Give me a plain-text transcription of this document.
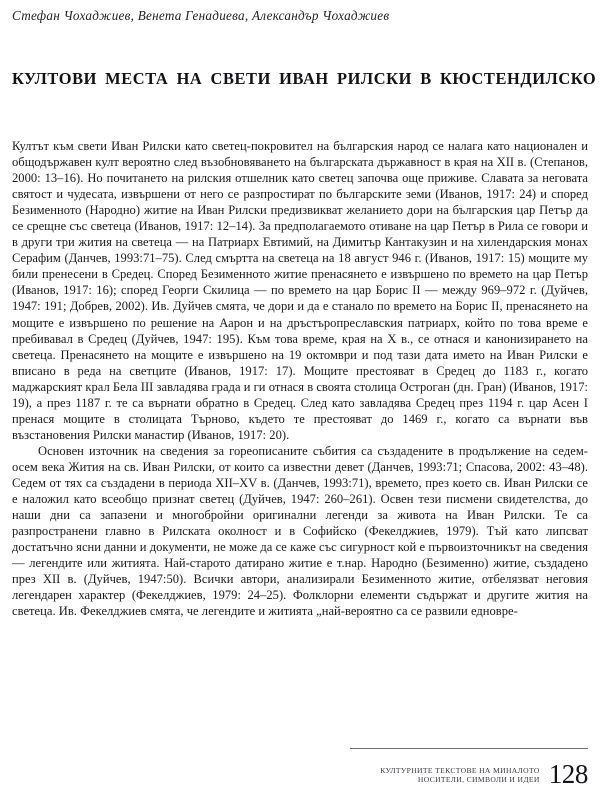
Стефан Чохаджиев, Венета Генадиева, Александър Чохаджиев
КУЛТОВИ МЕСТА НА СВЕТИ ИВАН РИЛСКИ В КЮСТЕНДИЛСКО

Култът към свети Иван Рилски като светец-покровител на българския народ се налага като национален и общодържавен култ вероятно след възобновяването на българската държавност в края на XII в. (Степанов, 2000: 13–16). Но почитането на рилския отшелник като светец започва още приживе. Славата за неговата святост и чудесата, извършени от него се разпростират по българските земи (Иванов, 1917: 24) и според Безименното (Народно) житие на Иван Рилски предизвикват желанието дори на българския цар Петър да се срещне със светеца (Иванов, 1917: 12–14). За предполагаемото отиване на цар Петър в Рила се говори и в други три жития на светеца — на Патриарх Евтимий, на Димитър Кантакузин и на хилендарския монах Серафим (Данчев, 1993:71–75). След смъртта на светеца на 18 август 946 г. (Иванов, 1917: 15) мощите му били пренесени в Средец. Според Безименното житие пренасянето е извършено по времето на цар Петър (Иванов, 1917: 16); според Георги Скилица — по времето на цар Борис II — между 969–972 г. (Дуйчев, 1947: 191; Добрев, 2002). Ив. Дуйчев смята, че дори и да е станало по времето на Борис II, пренасянето на мощите е извършено по решение на Аарон и на дръстъропреславския патриарх, който по това време е пребивавал в Средец (Дуйчев, 1947: 195). Към това време, края на X в., се отнася и канонизирането на светеца. Пренасянето на мощите е извършено на 19 октомври и под тази дата името на Иван Рилски е вписано в реда на светците (Иванов, 1917: 17). Мощите престояват в Средец до 1183 г., когато маджарският крал Бела III завладява града и ги отнася в своята столица Остроган (дн. Гран) (Иванов, 1917: 19), а през 1187 г. те са върнати обратно в Средец. След като завладява Средец през 1194 г. цар Асен I пренася мощите в столицата Търново, където те престояват до 1469 г., когато са върнати във възстановения Рилски манастир (Иванов, 1917: 20).

Основен източник на сведения за гореописаните събития са създадените в продължение на седем-осем века Жития на св. Иван Рилски, от които са известни девет (Данчев, 1993:71; Спасова, 2002: 43–48). Седем от тях са създадени в периода XII–XV в. (Данчев, 1993:71), времето, през което св. Иван Рилски се е наложил като всеобщо признат светец (Дуйчев, 1947: 260–261). Освен тези писмени свидетелства, до наши дни са запазени и многобройни оригинални легенди за живота на Иван Рилски. Те са разпространени главно в Рилската околност и в Софийско (Фекелджиев, 1979). Тъй като липсват достатъчно ясни данни и документи, не може да се каже със сигурност кой е първоизточникът на сведения — легендите или житията. Най-старото датирано житие е т.нар. Народно (Безименно) житие, създадено през XII в. (Дуйчев, 1947:50). Всички автори, анализирали Безименното житие, отбелязват неговия легендарен характер (Фекелджиев, 1979: 24–25). Фолклорни елементи съдържат и другите жития на светеца. Ив. Фекелджиев смята, че легендите и житията „най-вероятно са се развили едновре-

КУЛТУРНИТЕ ТЕКСТОВЕ НА МИНАЛОТО
НОСИТЕЛИ, СИМВОЛИ И ИДЕИ 128
